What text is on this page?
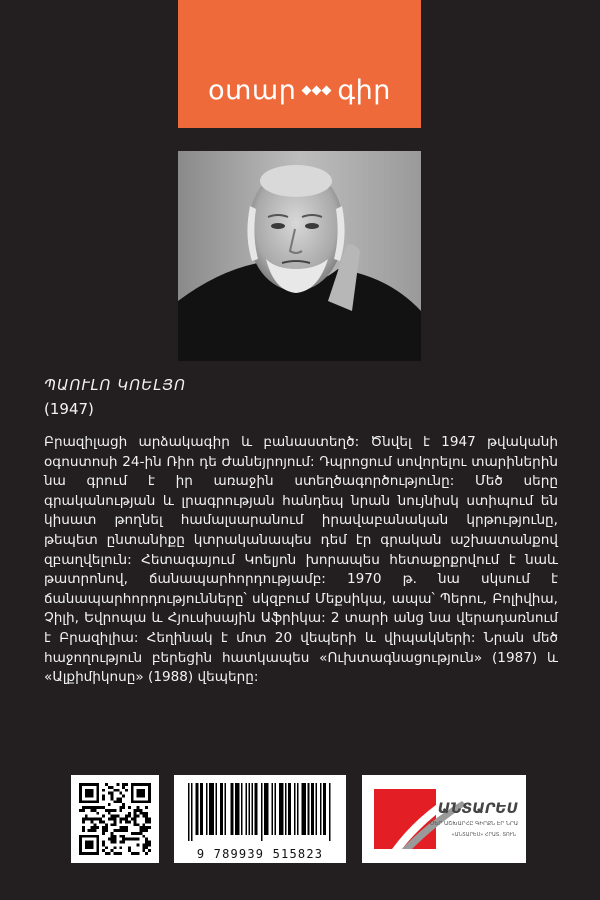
օտար գիր
ՊԱՈՒԼՈ ԿՈԵԼՅՈ
(1947)

Բրազիլացի արձակագիր և բանաստեղծ: Ծնվել է 1947 թվականի օգոստոսի 24-ին Ռիո դե Ժանեյրոյում: Դպրոցում սովորելու տարիներին նա գրում է իր առաջին ստեղծագործությունը: Մեծ սերը գրականության և լրագրության հանդեպ նրան նույնիսկ ստիպում են կիսատ թողնել համալսարանում իրավաբանական կրթությունը, թեպետ ընտանիքը կտրականապես դեմ էր գրական աշխատանքով զբաղվելուն: Հետագայում Կոելյոն խորապես հետաքրքրվում է նաև թատրոնով, ճանապարհորդությամբ: 1970 թ. նա սկսում է ճանապարհորդությունները՝ սկզբում Մեքսիկա, ապա՝ Պերու, Բոլիվիա, Չիլի, Եվրոպա և Հյուսիսային Աֆրիկա: 2 տարի անց նա վերադառնում է Բրազիլիա: Հեղինակ է մոտ 20 վեպերի և վիպակների: Նրան մեծ հաջողություն բերեցին հատկապես «Ուխտագնացություն» (1987) և «Ալքիմիկոսը» (1988) վեպերը:

9 789939 515823
ԱՆՏԱՐԵՍ
ՄԵՐ ԱՇԽԱՐՀԸ ԳԻՐՔՆ ԷՐ ՆՐԱ
«ԱՆՏԱՐԵՍ» ՀՐԱՏ. ՏՈՒՆ
